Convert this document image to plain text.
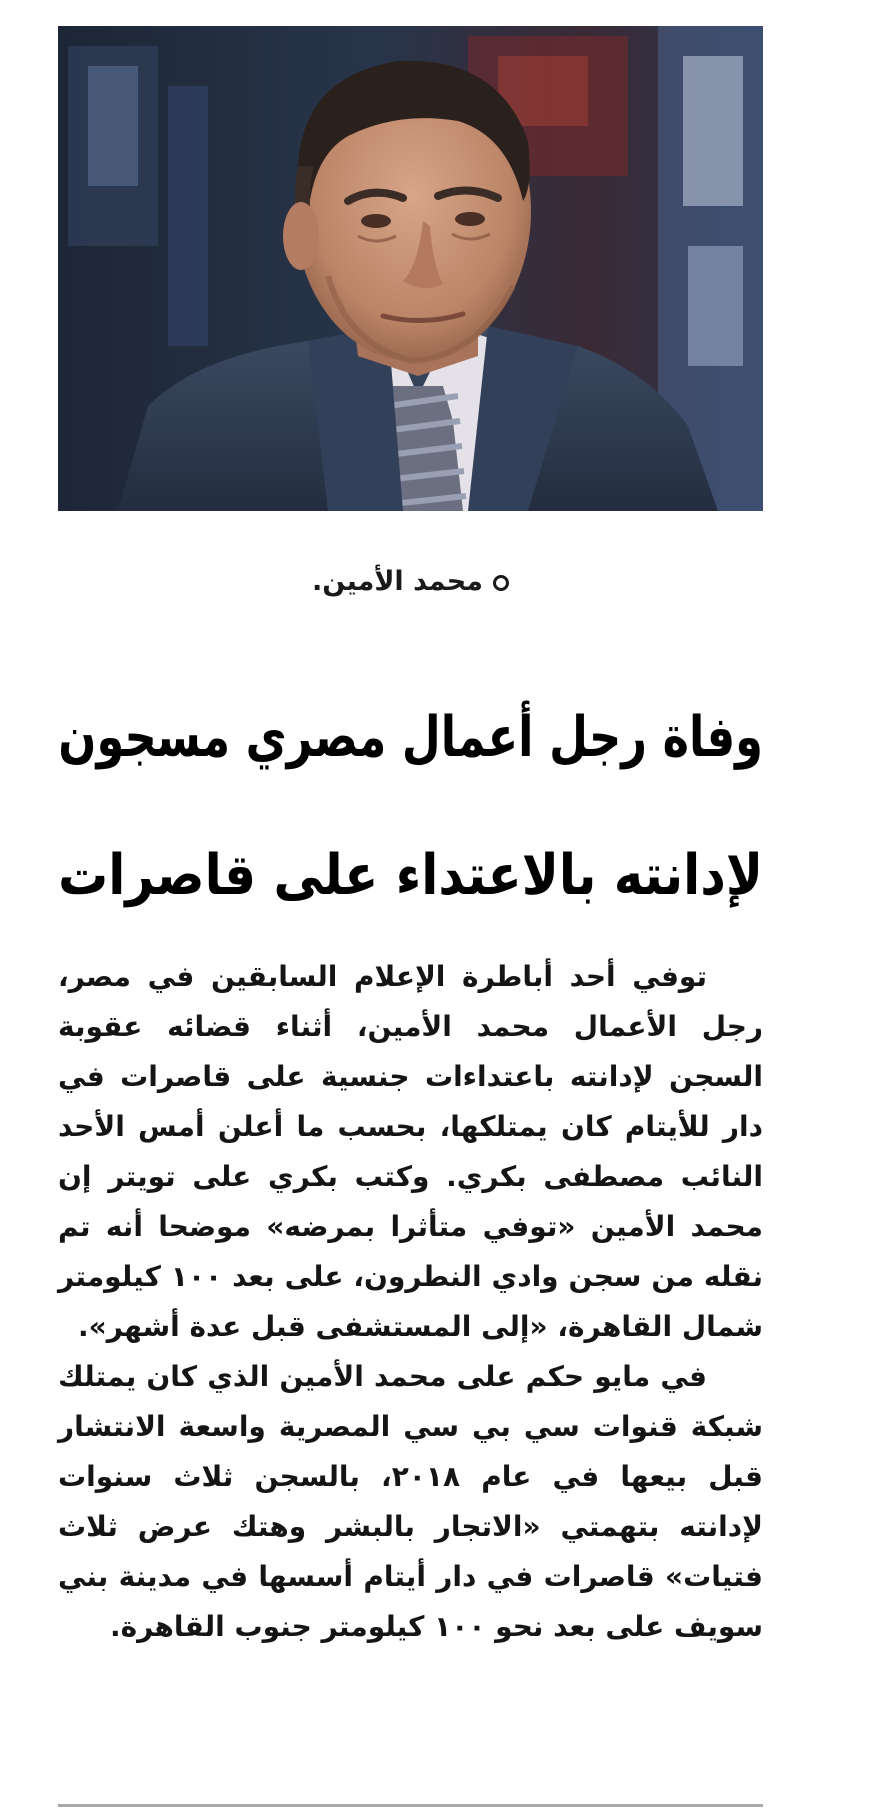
محمد الأمين.
وفاة رجل أعمال مصري مسجون
لإدانته بالاعتداء على قاصرات

توفي أحد أباطرة الإعلام السابقين في مصر، رجل الأعمال محمد الأمين، أثناء قضائه عقوبة السجن لإدانته باعتداءات جنسية على قاصرات في دار للأيتام كان يمتلكها، بحسب ما أعلن أمس الأحد النائب مصطفى بكري. وكتب بكري على تويتر إن محمد الأمين «توفي متأثرا بمرضه» موضحا أنه تم نقله من سجن وادي النطرون، على بعد ١٠٠ كيلومتر شمال القاهرة، «إلى المستشفى قبل عدة أشهر».

في مايو حكم على محمد الأمين الذي كان يمتلك شبكة قنوات سي بي سي المصرية واسعة الانتشار قبل بيعها في عام ٢٠١٨، بالسجن ثلاث سنوات لإدانته بتهمتي «الاتجار بالبشر وهتك عرض ثلاث فتيات» قاصرات في دار أيتام أسسها في مدينة بني سويف على بعد نحو ١٠٠ كيلومتر جنوب القاهرة.
